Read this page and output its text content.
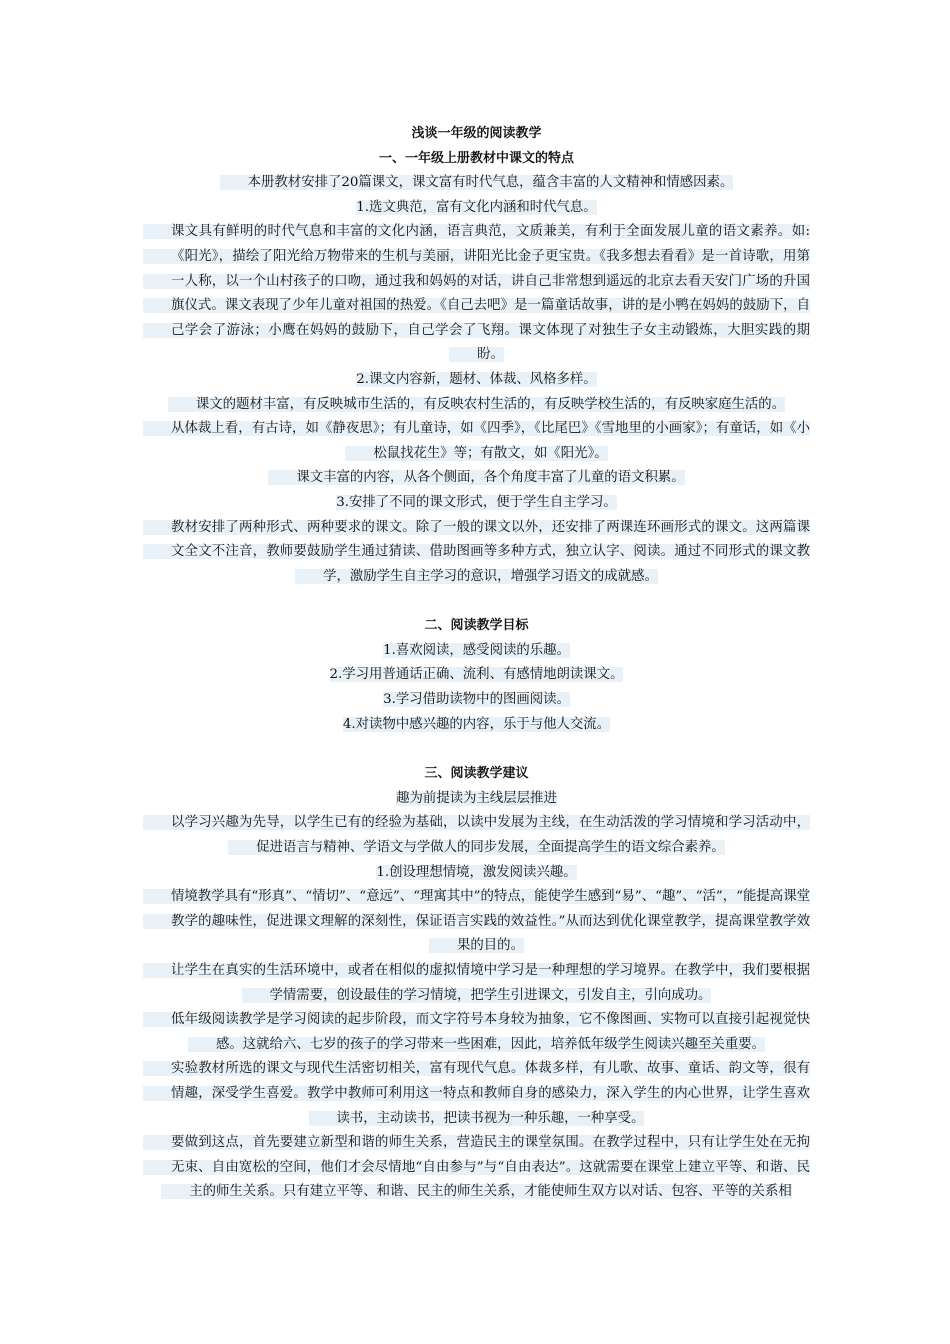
浅谈一年级的阅读教学

一、一年级上册教材中课文的特点

本册教材安排了20篇课文，课文富有时代气息，蕴含丰富的人文精神和情感因素。

1.选文典范，富有文化内涵和时代气息。

课文具有鲜明的时代气息和丰富的文化内涵，语言典范，文质兼美，有利于全面发展儿童的语文素养。如:《阳光》，描绘了阳光给万物带来的生机与美丽，讲阳光比金子更宝贵。《我多想去看看》是一首诗歌，用第一人称，以一个山村孩子的口吻，通过我和妈妈的对话，讲自己非常想到遥远的北京去看天安门广场的升国旗仪式。课文表现了少年儿童对祖国的热爱。《自己去吧》是一篇童话故事，讲的是小鸭在妈妈的鼓励下，自己学会了游泳；小鹰在妈妈的鼓励下，自己学会了飞翔。课文体现了对独生子女主动锻炼，大胆实践的期盼。

2.课文内容新，题材、体裁、风格多样。

课文的题材丰富，有反映城市生活的，有反映农村生活的，有反映学校生活的，有反映家庭生活的。

从体裁上看，有古诗，如《静夜思》；有儿童诗，如《四季》，《比尾巴》《雪地里的小画家》；有童话，如《小松鼠找花生》等；有散文，如《阳光》。

课文丰富的内容，从各个侧面，各个角度丰富了儿童的语文积累。

3.安排了不同的课文形式，便于学生自主学习。

教材安排了两种形式、两种要求的课文。除了一般的课文以外，还安排了两课连环画形式的课文。这两篇课文全文不注音，教师要鼓励学生通过猜读、借助图画等多种方式，独立认字、阅读。通过不同形式的课文教学，激励学生自主学习的意识，增强学习语文的成就感。

二、阅读教学目标

1.喜欢阅读，感受阅读的乐趣。

2.学习用普通话正确、流利、有感情地朗读课文。

3.学习借助读物中的图画阅读。

4.对读物中感兴趣的内容，乐于与他人交流。

三、阅读教学建议

趣为前提读为主线层层推进

以学习兴趣为先导，以学生已有的经验为基础，以读中发展为主线，在生动活泼的学习情境和学习活动中，促进语言与精神、学语文与学做人的同步发展，全面提高学生的语文综合素养。

1.创设理想情境，激发阅读兴趣。

情境教学具有“形真”、“情切”、“意远”、“理寓其中”的特点，能使学生感到“易”、“趣”、“活”，“能提高课堂教学的趣味性，促进课文理解的深刻性，保证语言实践的效益性。”从而达到优化课堂教学，提高课堂教学效果的目的。

让学生在真实的生活环境中，或者在相似的虚拟情境中学习是一种理想的学习境界。在教学中，我们要根据学情需要，创设最佳的学习情境，把学生引进课文，引发自主，引向成功。

低年级阅读教学是学习阅读的起步阶段，而文字符号本身较为抽象，它不像图画、实物可以直接引起视觉快感。这就给六、七岁的孩子的学习带来一些困难，因此，培养低年级学生阅读兴趣至关重要。

实验教材所选的课文与现代生活密切相关，富有现代气息。体裁多样，有儿歌、故事、童话、韵文等，很有情趣，深受学生喜爱。教学中教师可利用这一特点和教师自身的感染力，深入学生的内心世界，让学生喜欢读书，主动读书，把读书视为一种乐趣，一种享受。

要做到这点，首先要建立新型和谐的师生关系，营造民主的课堂氛围。在教学过程中，只有让学生处在无拘无束、自由宽松的空间，他们才会尽情地“自由参与”与“自由表达”。这就需要在课堂上建立平等、和谐、民主的师生关系。只有建立平等、和谐、民主的师生关系，才能使师生双方以对话、包容、平等的关系相
